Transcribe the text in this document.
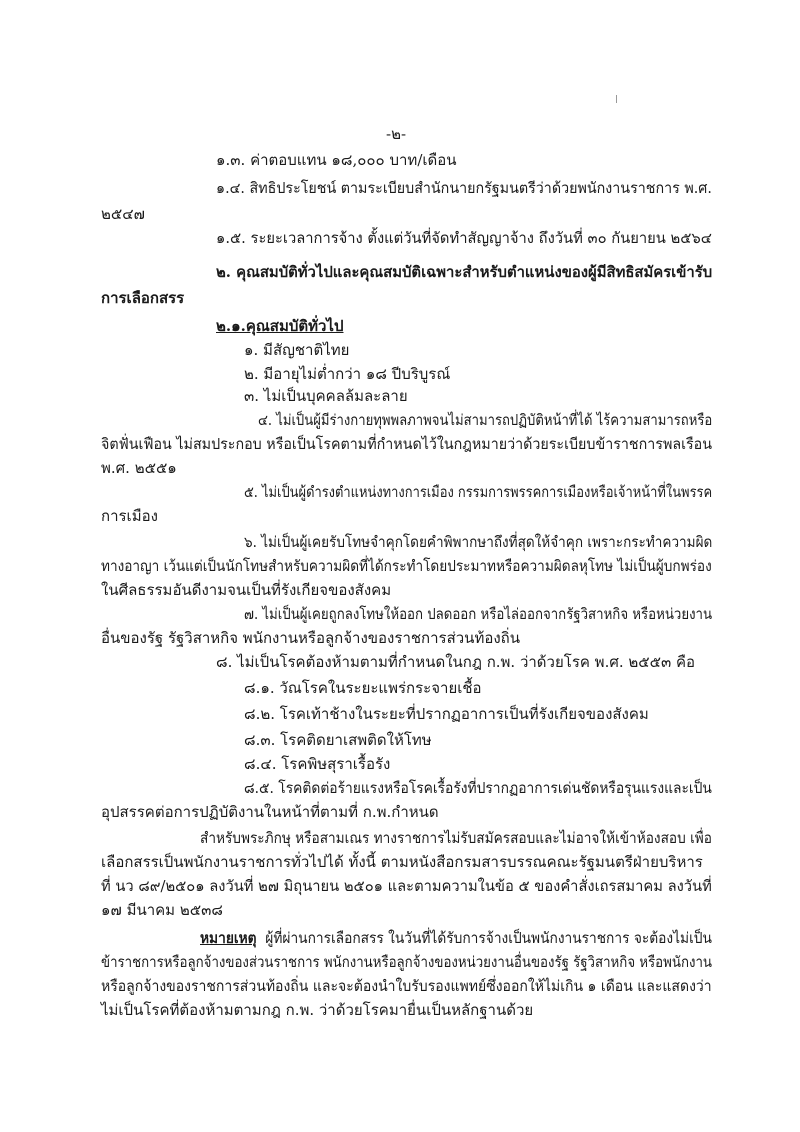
-๒-
๑.๓. ค่าตอบแทน ๑๘,๐๐๐ บาท/เดือน
๑.๔. สิทธิประโยชน์ ตามระเบียบสำนักนายกรัฐมนตรีว่าด้วยพนักงานราชการ พ.ศ.
๒๕๔๗
๑.๕. ระยะเวลาการจ้าง ตั้งแต่วันที่จัดทำสัญญาจ้าง ถึงวันที่ ๓๐ กันยายน ๒๕๖๔
๒. คุณสมบัติทั่วไปและคุณสมบัติเฉพาะสำหรับตำแหน่งของผู้มีสิทธิสมัครเข้ารับ
การเลือกสรร
๒.๑.คุณสมบัติทั่วไป
๑. มีสัญชาติไทย
๒. มีอายุไม่ต่ำกว่า ๑๘ ปีบริบูรณ์
๓. ไม่เป็นบุคคลล้มละลาย
๔. ไม่เป็นผู้มีร่างกายทุพพลภาพจนไม่สามารถปฏิบัติหน้าที่ได้ ไร้ความสามารถหรือ
จิตฟั่นเฟือน ไม่สมประกอบ หรือเป็นโรคตามที่กำหนดไว้ในกฎหมายว่าด้วยระเบียบข้าราชการพลเรือน
พ.ศ. ๒๕๕๑
๕. ไม่เป็นผู้ดำรงตำแหน่งทางการเมือง กรรมการพรรคการเมืองหรือเจ้าหน้าที่ในพรรค
การเมือง
๖. ไม่เป็นผู้เคยรับโทษจำคุกโดยคำพิพากษาถึงที่สุดให้จำคุก เพราะกระทำความผิด
ทางอาญา เว้นแต่เป็นนักโทษสำหรับความผิดที่ได้กระทำโดยประมาทหรือความผิดลหุโทษ ไม่เป็นผู้บกพร่อง
ในศีลธรรมอันดีงามจนเป็นที่รังเกียจของสังคม
๗. ไม่เป็นผู้เคยถูกลงโทษให้ออก ปลดออก หรือไล่ออกจากรัฐวิสาหกิจ หรือหน่วยงาน
อื่นของรัฐ รัฐวิสาหกิจ พนักงานหรือลูกจ้างของราชการส่วนท้องถิ่น
๘. ไม่เป็นโรคต้องห้ามตามที่กำหนดในกฎ ก.พ. ว่าด้วยโรค พ.ศ. ๒๕๕๓ คือ
๘.๑. วัณโรคในระยะแพร่กระจายเชื้อ
๘.๒. โรคเท้าช้างในระยะที่ปรากฏอาการเป็นที่รังเกียจของสังคม
๘.๓. โรคติดยาเสพติดให้โทษ
๘.๔. โรคพิษสุราเรื้อรัง
๘.๕. โรคติดต่อร้ายแรงหรือโรคเรื้อรังที่ปรากฏอาการเด่นชัดหรือรุนแรงและเป็น
อุปสรรคต่อการปฏิบัติงานในหน้าที่ตามที่ ก.พ.กำหนด
สำหรับพระภิกษุ หรือสามเณร ทางราชการไม่รับสมัครสอบและไม่อาจให้เข้าห้องสอบ เพื่อ
เลือกสรรเป็นพนักงานราชการทั่วไปได้ ทั้งนี้ ตามหนังสือกรมสารบรรณคณะรัฐมนตรีฝ่ายบริหาร
ที่ นว ๘๙/๒๕๐๑ ลงวันที่ ๒๗ มิถุนายน ๒๕๐๑ และตามความในข้อ ๕ ของคำสั่งเถรสมาคม ลงวันที่
๑๗ มีนาคม ๒๕๓๘
หมายเหตุ ผู้ที่ผ่านการเลือกสรร ในวันที่ได้รับการจ้างเป็นพนักงานราชการ จะต้องไม่เป็น
ข้าราชการหรือลูกจ้างของส่วนราชการ พนักงานหรือลูกจ้างของหน่วยงานอื่นของรัฐ รัฐวิสาหกิจ หรือพนักงาน
หรือลูกจ้างของราชการส่วนท้องถิ่น และจะต้องนำใบรับรองแพทย์ซึ่งออกให้ไม่เกิน ๑ เดือน และแสดงว่า
ไม่เป็นโรคที่ต้องห้ามตามกฎ ก.พ. ว่าด้วยโรคมายื่นเป็นหลักฐานด้วย
